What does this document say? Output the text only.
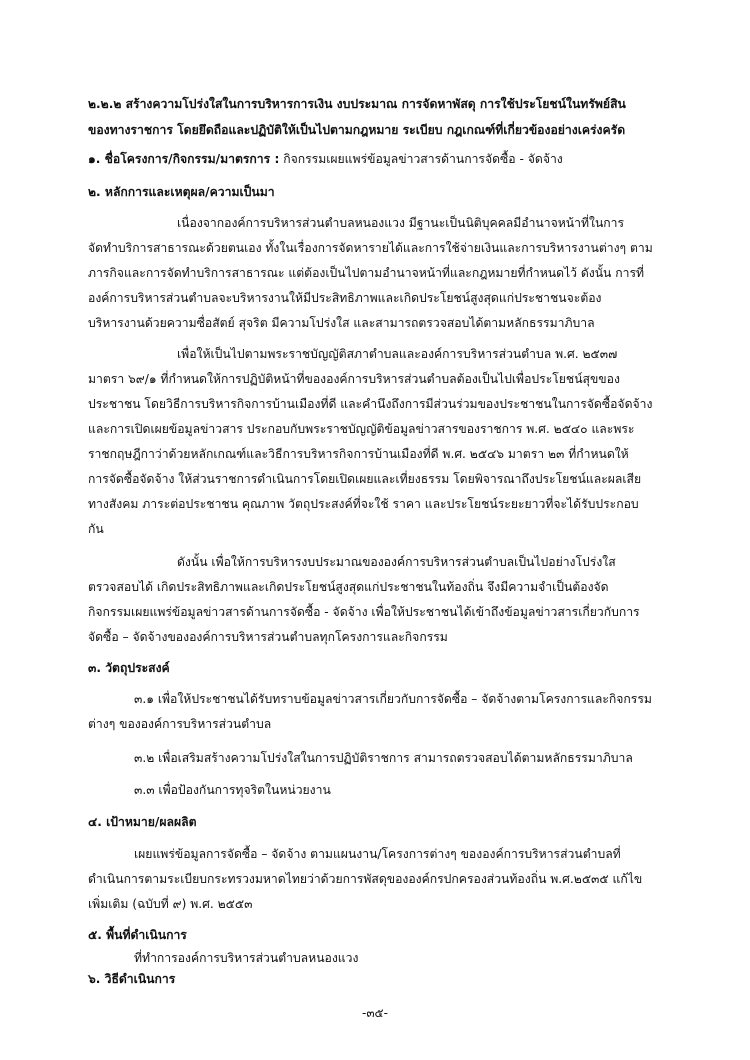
๒.๒.๒ สร้างความโปร่งใสในการบริหารการเงิน งบประมาณ การจัดหาพัสดุ การใช้ประโยชน์ในทรัพย์สิน
ของทางราชการ โดยยึดถือและปฏิบัติให้เป็นไปตามกฎหมาย ระเบียบ กฎเกณฑ์ที่เกี่ยวข้องอย่างเคร่งครัด
๑. ชื่อโครงการ/กิจกรรม/มาตรการ : กิจกรรมเผยแพร่ข้อมูลข่าวสารด้านการจัดซื้อ - จัดจ้าง
๒. หลักการและเหตุผล/ความเป็นมา
เนื่องจากองค์การบริหารส่วนตำบลหนองแวง มีฐานะเป็นนิติบุคคลมีอำนาจหน้าที่ในการ
จัดทำบริการสาธารณะด้วยตนเอง ทั้งในเรื่องการจัดหารายได้และการใช้จ่ายเงินและการบริหารงานต่างๆ ตาม
ภารกิจและการจัดทำบริการสาธารณะ แต่ต้องเป็นไปตามอำนาจหน้าที่และกฎหมายที่กำหนดไว้ ดังนั้น การที่
องค์การบริหารส่วนตำบลจะบริหารงานให้มีประสิทธิภาพและเกิดประโยชน์สูงสุดแก่ประชาชนจะต้อง
บริหารงานด้วยความซื่อสัตย์ สุจริต มีความโปร่งใส และสามารถตรวจสอบได้ตามหลักธรรมาภิบาล
เพื่อให้เป็นไปตามพระราชบัญญัติสภาตำบลและองค์การบริหารส่วนตำบล พ.ศ. ๒๕๓๗
มาตรา ๖๙/๑ ที่กำหนดให้การปฏิบัติหน้าที่ขององค์การบริหารส่วนตำบลต้องเป็นไปเพื่อประโยชน์สุขของ
ประชาชน โดยวิธีการบริหารกิจการบ้านเมืองที่ดี และคำนึงถึงการมีส่วนร่วมของประชาชนในการจัดซื้อจัดจ้าง
และการเปิดเผยข้อมูลข่าวสาร ประกอบกับพระราชบัญญัติข้อมูลข่าวสารของราชการ พ.ศ. ๒๕๔๐ และพระ
ราชกฤษฎีกาว่าด้วยหลักเกณฑ์และวิธีการบริหารกิจการบ้านเมืองที่ดี พ.ศ. ๒๕๔๖ มาตรา ๒๓ ที่กำหนดให้
การจัดซื้อจัดจ้าง ให้ส่วนราชการดำเนินการโดยเปิดเผยและเที่ยงธรรม โดยพิจารณาถึงประโยชน์และผลเสีย
ทางสังคม ภาระต่อประชาชน คุณภาพ วัตถุประสงค์ที่จะใช้ ราคา และประโยชน์ระยะยาวที่จะได้รับประกอบ
กัน
ดังนั้น เพื่อให้การบริหารงบประมาณขององค์การบริหารส่วนตำบลเป็นไปอย่างโปร่งใส
ตรวจสอบได้ เกิดประสิทธิภาพและเกิดประโยชน์สูงสุดแก่ประชาชนในท้องถิ่น จึงมีความจำเป็นต้องจัด
กิจกรรมเผยแพร่ข้อมูลข่าวสารด้านการจัดซื้อ - จัดจ้าง เพื่อให้ประชาชนได้เข้าถึงข้อมูลข่าวสารเกี่ยวกับการ
จัดซื้อ – จัดจ้างขององค์การบริหารส่วนตำบลทุกโครงการและกิจกรรม
๓. วัตถุประสงค์
๓.๑ เพื่อให้ประชาชนได้รับทราบข้อมูลข่าวสารเกี่ยวกับการจัดซื้อ – จัดจ้างตามโครงการและกิจกรรม
ต่างๆ ขององค์การบริหารส่วนตำบล
๓.๒ เพื่อเสริมสร้างความโปร่งใสในการปฏิบัติราชการ สามารถตรวจสอบได้ตามหลักธรรมาภิบาล
๓.๓ เพื่อป้องกันการทุจริตในหน่วยงาน
๔. เป้าหมาย/ผลผลิต
เผยแพร่ข้อมูลการจัดซื้อ – จัดจ้าง ตามแผนงาน/โครงการต่างๆ ขององค์การบริหารส่วนตำบลที่
ดำเนินการตามระเบียบกระทรวงมหาดไทยว่าด้วยการพัสดุขององค์กรปกครองส่วนท้องถิ่น พ.ศ.๒๕๓๕ แก้ไข
เพิ่มเติม (ฉบับที่ ๙) พ.ศ. ๒๕๕๓
๕. พื้นที่ดำเนินการ
ที่ทำการองค์การบริหารส่วนตำบลหนองแวง
๖. วิธีดำเนินการ
-๓๕-
